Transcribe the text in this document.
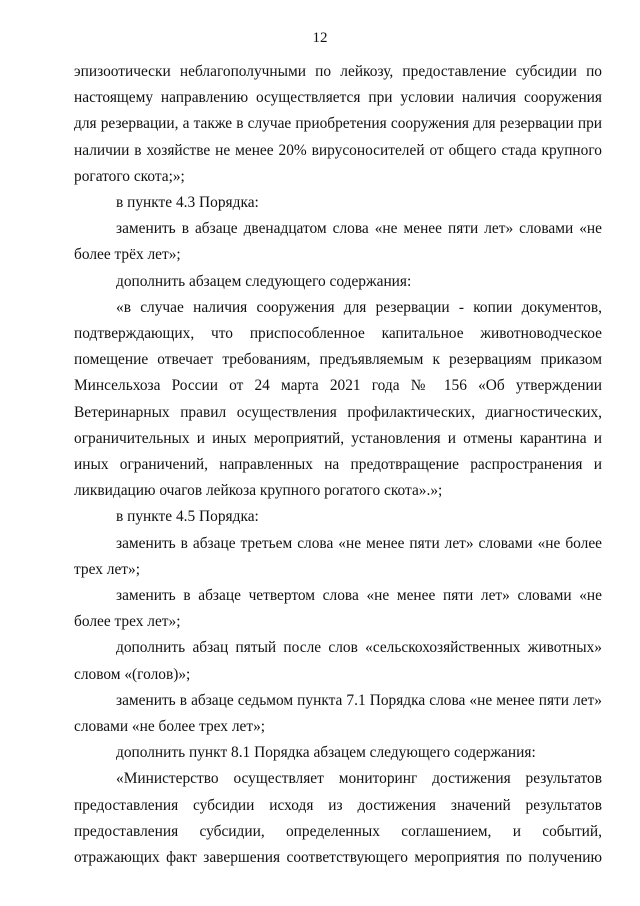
12

эпизоотически неблагополучными по лейкозу, предоставление субсидии по настоящему направлению осуществляется при условии наличия сооружения для резервации, а также в случае приобретения сооружения для резервации при наличии в хозяйстве не менее 20% вирусоносителей от общего стада крупного рогатого скота;»;

в пункте 4.3 Порядка:

заменить в абзаце двенадцатом слова «не менее пяти лет» словами «не более трёх лет»;

дополнить абзацем следующего содержания:

«в случае наличия сооружения для резервации - копии документов, подтверждающих, что приспособленное капитальное животноводческое помещение отвечает требованиям, предъявляемым к резервациям приказом Минсельхоза России от 24 марта 2021 года № 156 «Об утверждении Ветеринарных правил осуществления профилактических, диагностических, ограничительных и иных мероприятий, установления и отмены карантина и иных ограничений, направленных на предотвращение распространения и ликвидацию очагов лейкоза крупного рогатого скота».»;

в пункте 4.5 Порядка:

заменить в абзаце третьем слова «не менее пяти лет» словами «не более трех лет»;

заменить в абзаце четвертом слова «не менее пяти лет» словами «не более трех лет»;

дополнить абзац пятый после слов «сельскохозяйственных животных» словом «(голов)»;

заменить в абзаце седьмом пункта 7.1 Порядка слова «не менее пяти лет» словами «не более трех лет»;

дополнить пункт 8.1 Порядка абзацем следующего содержания:

«Министерство осуществляет мониторинг достижения результатов предоставления субсидии исходя из достижения значений результатов предоставления субсидии, определенных соглашением, и событий, отражающих факт завершения соответствующего мероприятия по получению
